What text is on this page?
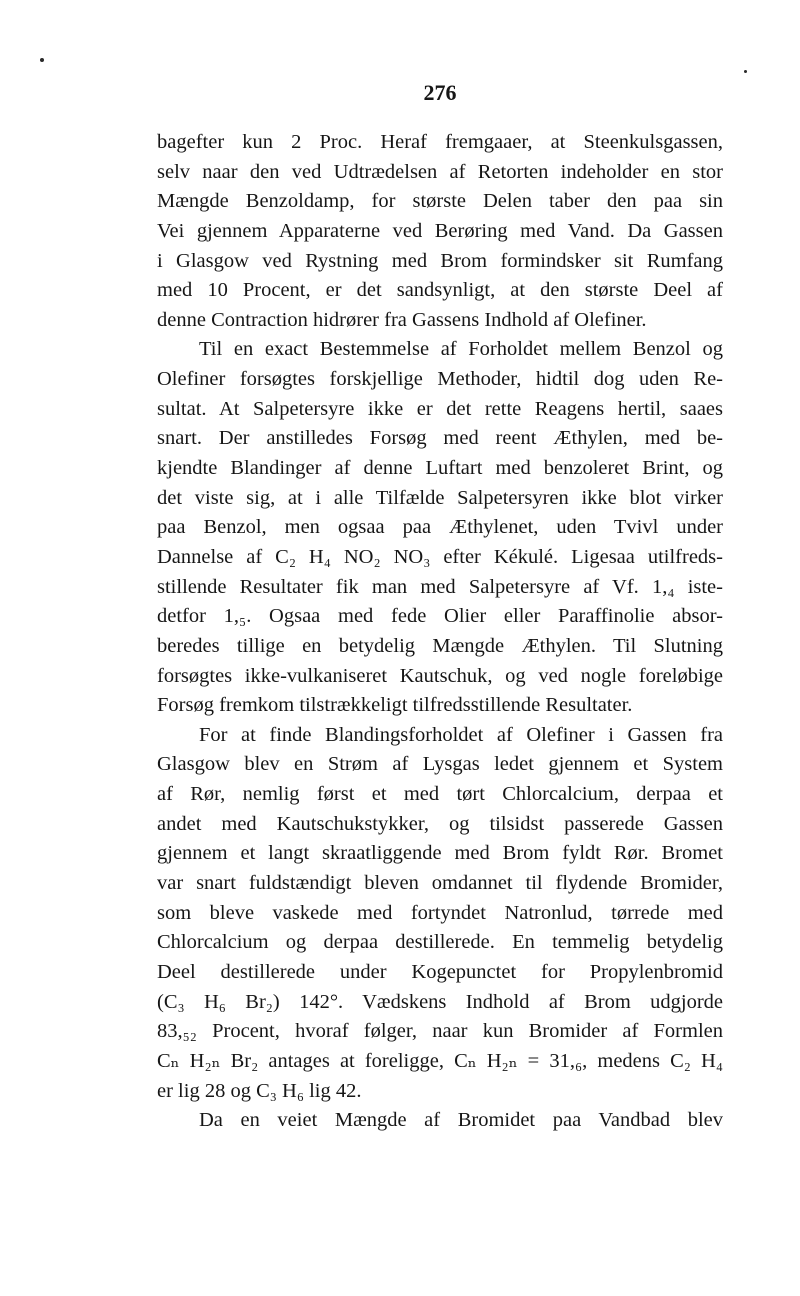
276
bagefter kun 2 Proc. Heraf fremgaaer, at Steenkulsgassen,
selv naar den ved Udtrædelsen af Retorten indeholder en stor
Mængde Benzoldamp, for største Delen taber den paa sin
Vei gjennem Apparaterne ved Berøring med Vand. Da Gassen
i Glasgow ved Rystning med Brom formindsker sit Rumfang
med 10 Procent, er det sandsynligt, at den største Deel af
denne Contraction hidrører fra Gassens Indhold af Olefiner.
Til en exact Bestemmelse af Forholdet mellem Benzol og
Olefiner forsøgtes forskjellige Methoder, hidtil dog uden Re-
sultat. At Salpetersyre ikke er det rette Reagens hertil, saaes
snart. Der anstilledes Forsøg med reent Æthylen, med be-
kjendte Blandinger af denne Luftart med benzoleret Brint, og
det viste sig, at i alle Tilfælde Salpetersyren ikke blot virker
paa Benzol, men ogsaa paa Æthylenet, uden Tvivl under
Dannelse af C₂ H₄ NO₂ NO₃ efter Kékulé. Ligesaa utilfreds-
stillende Resultater fik man med Salpetersyre af Vf. 1,₄ iste-
detfor 1,₅. Ogsaa med fede Olier eller Paraffinolie absor-
beredes tillige en betydelig Mængde Æthylen. Til Slutning
forsøgtes ikke-vulkaniseret Kautschuk, og ved nogle foreløbige
Forsøg fremkom tilstrækkeligt tilfredsstillende Resultater.
For at finde Blandingsforholdet af Olefiner i Gassen fra
Glasgow blev en Strøm af Lysgas ledet gjennem et System
af Rør, nemlig først et med tørt Chlorcalcium, derpaa et
andet med Kautschukstykker, og tilsidst passerede Gassen
gjennem et langt skraatliggende med Brom fyldt Rør. Bromet
var snart fuldstændigt bleven omdannet til flydende Bromider,
som bleve vaskede med fortyndet Natronlud, tørrede med
Chlorcalcium og derpaa destillerede. En temmelig betydelig
Deel destillerede under Kogepunctet for Propylenbromid
(C₃ H₆ Br₂) 142°. Vædskens Indhold af Brom udgjorde
83,₅₂ Procent, hvoraf følger, naar kun Bromider af Formlen
Cₙ H₂ₙ Br₂ antages at foreligge, Cₙ H₂ₙ = 31,₆, medens C₂ H₄
er lig 28 og C₃ H₆ lig 42.
Da en veiet Mængde af Bromidet paa Vandbad blev
